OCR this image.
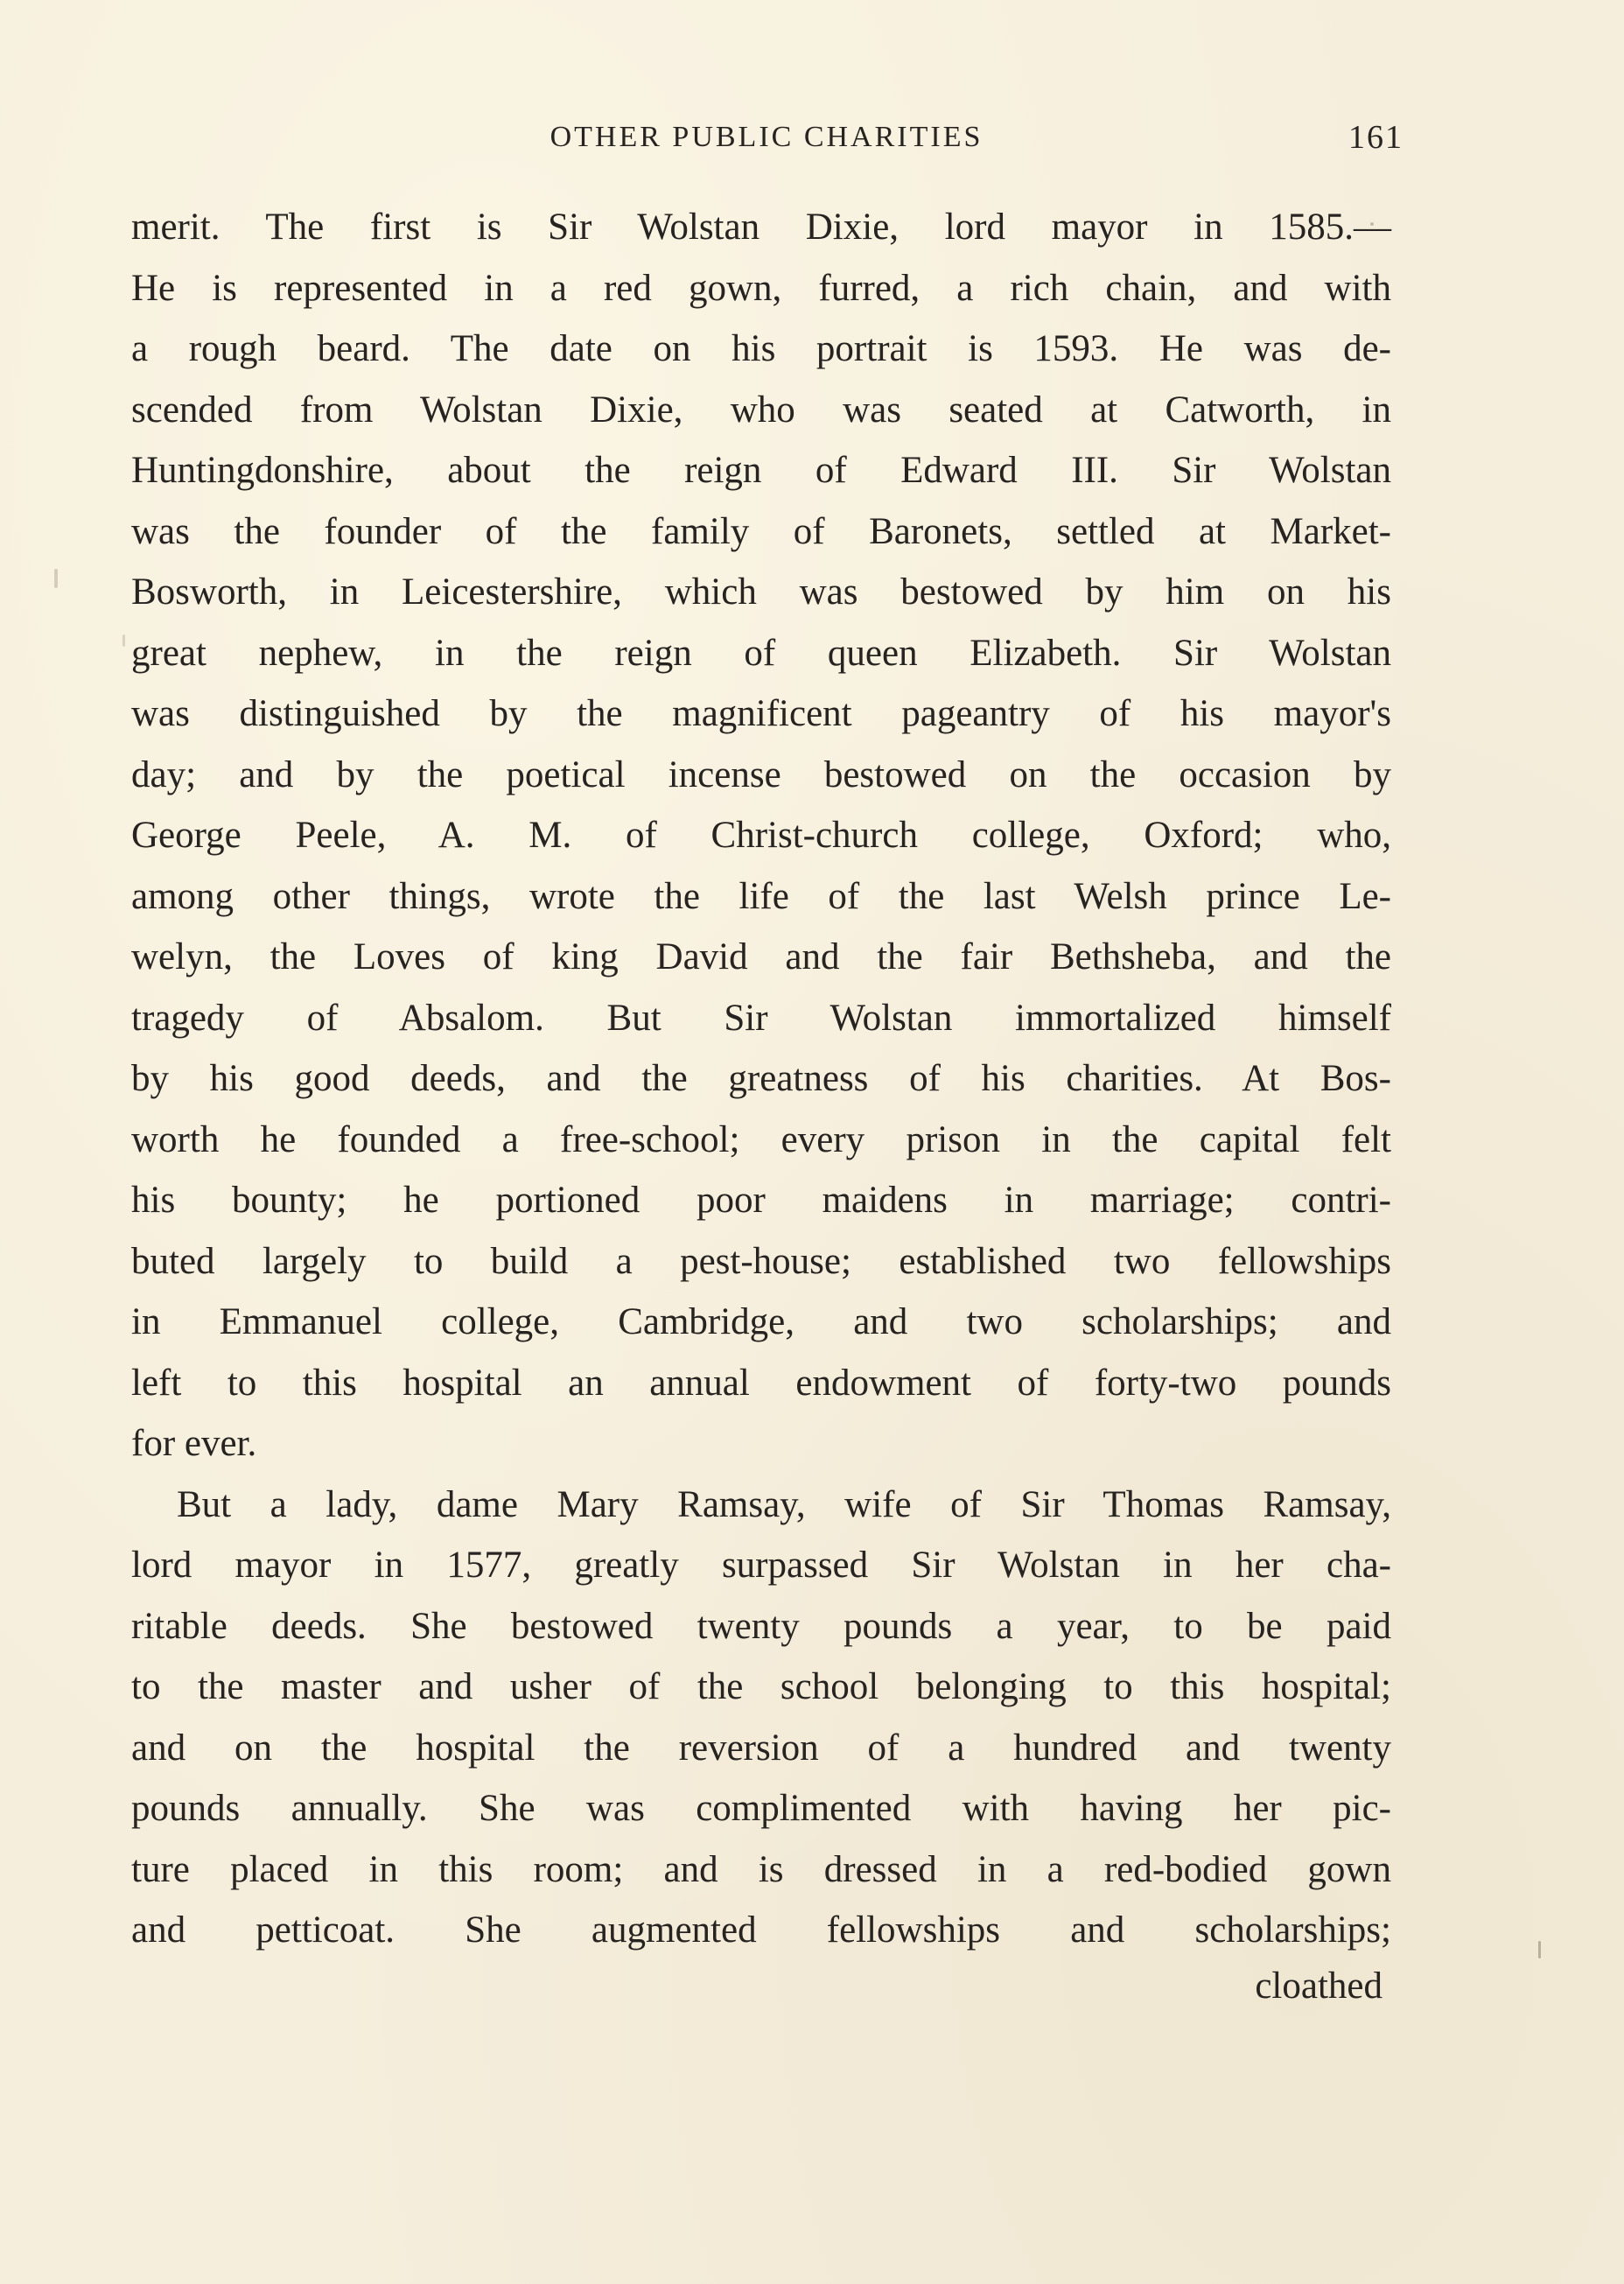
OTHER PUBLIC CHARITIES	161
merit. The first is Sir Wolstan Dixie, lord mayor in 1585.—
He is represented in a red gown, furred, a rich chain, and with
a rough beard. The date on his portrait is 1593. He was de-
scended from Wolstan Dixie, who was seated at Catworth, in
Huntingdonshire, about the reign of Edward III. Sir Wolstan
was the founder of the family of Baronets, settled at Market-
Bosworth, in Leicestershire, which was bestowed by him on his
great nephew, in the reign of queen Elizabeth. Sir Wolstan
was distinguished by the magnificent pageantry of his mayor's
day; and by the poetical incense bestowed on the occasion by
George Peele, A. M. of Christ-church college, Oxford; who,
among other things, wrote the life of the last Welsh prince Le-
welyn, the Loves of king David and the fair Bethsheba, and the
tragedy of Absalom. But Sir Wolstan immortalized himself
by his good deeds, and the greatness of his charities. At Bos-
worth he founded a free-school; every prison in the capital felt
his bounty; he portioned poor maidens in marriage; contri-
buted largely to build a pest-house; established two fellowships
in Emmanuel college, Cambridge, and two scholarships; and
left to this hospital an annual endowment of forty-two pounds
for ever.
But a lady, dame Mary Ramsay, wife of Sir Thomas Ramsay,
lord mayor in 1577, greatly surpassed Sir Wolstan in her cha-
ritable deeds. She bestowed twenty pounds a year, to be paid
to the master and usher of the school belonging to this hospital;
and on the hospital the reversion of a hundred and twenty
pounds annually. She was complimented with having her pic-
ture placed in this room; and is dressed in a red-bodied gown
and petticoat. She augmented fellowships and scholarships;
cloathed
